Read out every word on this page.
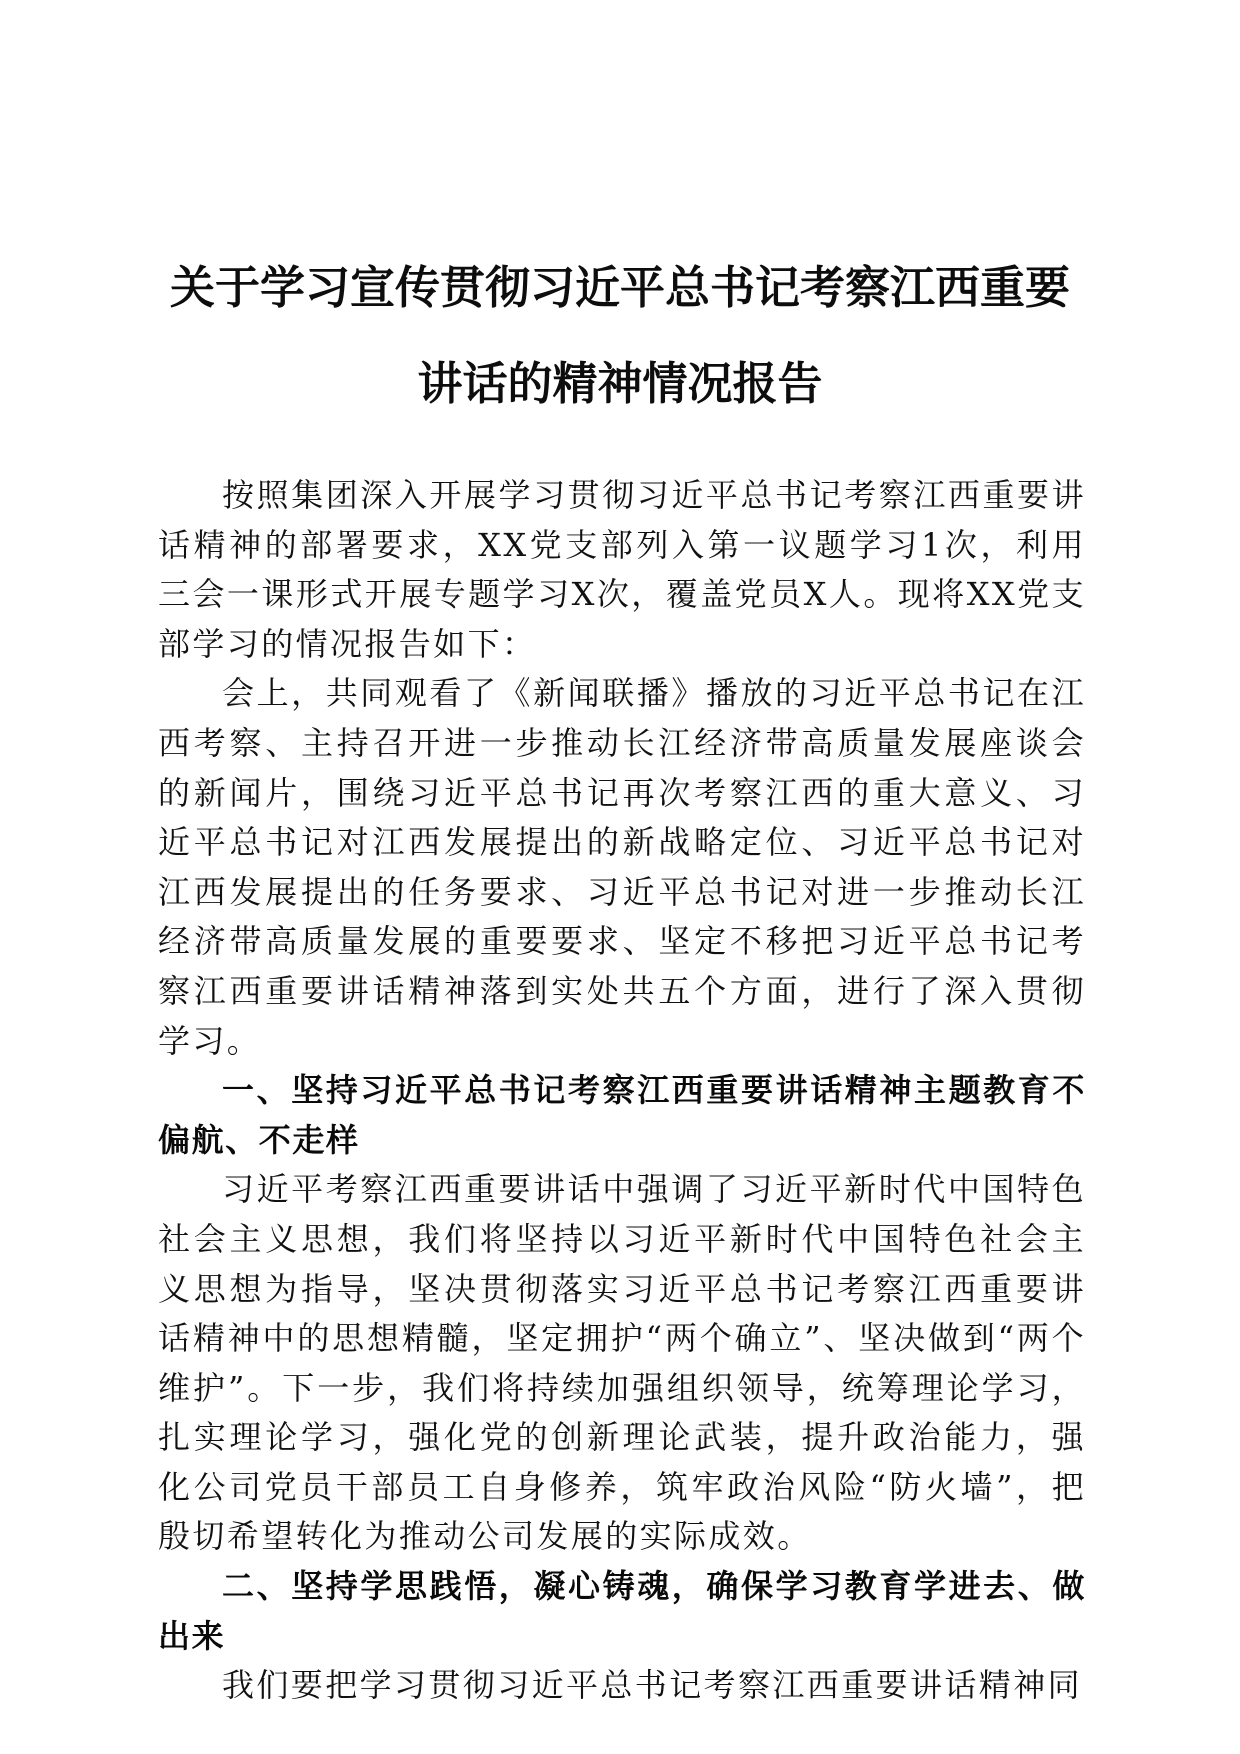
关于学习宣传贯彻习近平总书记考察江西重要
讲话的精神情况报告

按照集团深入开展学习贯彻习近平总书记考察江西重要讲话精神的部署要求，XX党支部列入第一议题学习1次，利用三会一课形式开展专题学习X次，覆盖党员X人。现将XX党支部学习的情况报告如下：

会上，共同观看了《新闻联播》播放的习近平总书记在江西考察、主持召开进一步推动长江经济带高质量发展座谈会的新闻片，围绕习近平总书记再次考察江西的重大意义、习近平总书记对江西发展提出的新战略定位、习近平总书记对江西发展提出的任务要求、习近平总书记对进一步推动长江经济带高质量发展的重要要求、坚定不移把习近平总书记考察江西重要讲话精神落到实处共五个方面，进行了深入贯彻学习。

一、坚持习近平总书记考察江西重要讲话精神主题教育不偏航、不走样

习近平考察江西重要讲话中强调了习近平新时代中国特色社会主义思想，我们将坚持以习近平新时代中国特色社会主义思想为指导，坚决贯彻落实习近平总书记考察江西重要讲话精神中的思想精髓，坚定拥护“两个确立”、坚决做到“两个维护”。下一步，我们将持续加强组织领导，统筹理论学习，扎实理论学习，强化党的创新理论武装，提升政治能力，强化公司党员干部员工自身修养，筑牢政治风险“防火墙”，把殷切希望转化为推动公司发展的实际成效。

二、坚持学思践悟，凝心铸魂，确保学习教育学进去、做出来

我们要把学习贯彻习近平总书记考察江西重要讲话精神同
